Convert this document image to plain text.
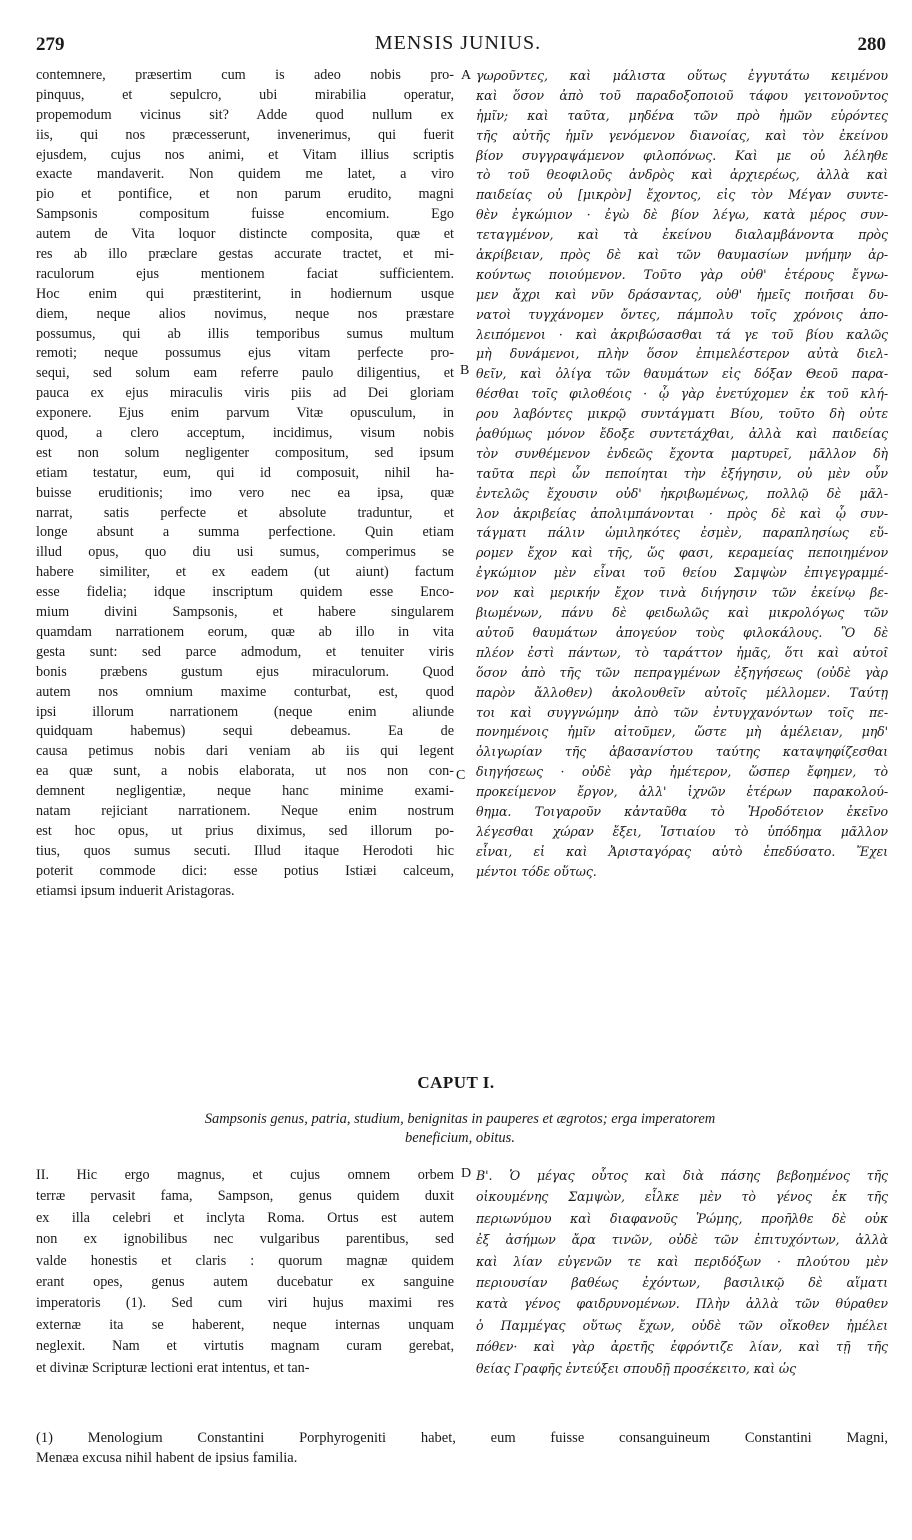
279	MENSIS JUNIUS.	280
contemnere, præsertim cum is adeo nobis pro-
pinquus, et sepulcro, ubi mirabilia operatur,
propemodum vicinus sit? Adde quod nullum ex
iis, qui nos præcesserunt, invenerimus, qui fuerit
ejusdem, cujus nos animi, et Vitam illius scriptis
exacte mandaverit. Non quidem me latet, a viro
pio et pontifice, et non parum erudito, magni
Sampsonis compositum fuisse encomium. Ego
autem de Vita loquor distincte composita, quæ et
res ab illo præclare gestas accurate tractet, et mi-
raculorum ejus mentionem faciat sufficientem.
Hoc enim qui præstiterint, in hodiernum usque
diem, neque alios novimus, neque nos præstare
possumus, qui ab illis temporibus sumus multum
remoti; neque possumus ejus vitam perfecte pro-
sequi, sed solum eam referre paulo diligentius, et
pauca ex ejus miraculis viris piis ad Dei gloriam
exponere. Ejus enim parvum Vitæ opusculum, in
quod, a clero acceptum, incidimus, visum nobis
est non solum negligenter compositum, sed ipsum
etiam testatur, eum, qui id composuit, nihil ha-
buisse eruditionis; imo vero nec ea ipsa, quæ
narrat, satis perfecte et absolute traduntur, et
longe absunt a summa perfectione. Quin etiam
illud opus, quo diu usi sumus, comperimus se
habere similiter, et ex eadem (ut aiunt) factum
esse fidelia; idque inscriptum quidem esse Enco-
mium divini Sampsonis, et habere singularem
quamdam narrationem eorum, quæ ab illo in vita
gesta sunt: sed parce admodum, et tenuiter viris
bonis præbens gustum ejus miraculorum. Quod
autem nos omnium maxime conturbat, est, quod
ipsi illorum narrationem (neque enim aliunde
quidquam habemus) sequi debeamus. Ea de
causa petimus nobis dari veniam ab iis qui legent
ea quæ sunt, a nobis elaborata, ut nos non con-
demnent negligentiæ, neque hanc minime exami-
natam rejiciant narrationem. Neque enim nostrum
est hoc opus, ut prius diximus, sed illorum po-
tius, quos sumus secuti. Illud itaque Herodoti hic
poterit commode dici: esse potius Istiæi calceum,
etiamsi ipsum induerit Aristagoras.
γωροῦντες, καὶ μάλιστα οὕτως ἐγγυτάτω κειμένου
καὶ ὅσον ἀπὸ τοῦ παραδοξοποιοῦ τάφου γειτονοῦντος
ἡμῖν; καὶ ταῦτα, μηδένα τῶν πρὸ ἡμῶν εὑρόντες
τῆς αὐτῆς ἡμῖν γενόμενον διανοίας, καὶ τὸν ἐκείνου
βίον συγγραψάμενον φιλοπόνως. Καὶ με οὐ λέληθε
τὸ τοῦ θεοφιλοῦς ἀνδρὸς καὶ ἀρχιερέως, ἀλλὰ καὶ
παιδείας οὐ [μικρὸν] ἔχοντος, εἰς τὸν Μέγαν συντε-
θὲν ἐγκώμιον · ἐγὼ δὲ βίον λέγω, κατὰ μέρος συν-
τεταγμένον, καὶ τὰ ἐκείνου διαλαμβάνοντα πρὸς
ἀκρίβειαν, πρὸς δὲ καὶ τῶν θαυμασίων μνήμην ἀρ-
κούντως ποιούμενον. Τοῦτο γὰρ οὐθ' ἑτέρους ἔγνω-
μεν ἄχρι καὶ νῦν δράσαντας, οὐθ' ἡμεῖς ποιῆσαι δυ-
νατοὶ τυγχάνομεν ὄντες, πάμπολυ τοῖς χρόνοις ἀπο-
λειπόμενοι · καὶ ἀκριβώσασθαι τά γε τοῦ βίου καλῶς
μὴ δυνάμενοι, πλὴν ὅσον ἐπιμελέστερον αὐτὰ διελ-
θεῖν, καὶ ὀλίγα τῶν θαυμάτων εἰς δόξαν Θεοῦ παρα-
θέσθαι τοῖς φιλοθέοις · ᾧ γὰρ ἐνετύχομεν ἐκ τοῦ κλή-
ρου λαβόντες μικρῷ συντάγματι Βίου, τοῦτο δὴ οὐτε
ῥαθύμως μόνον ἔδοξε συντετάχθαι, ἀλλὰ καὶ παιδείας
τὸν συνθέμενον ἐνδεῶς ἔχοντα μαρτυρεῖ, μᾶλλον δὴ
ταῦτα περὶ ὧν πεποίηται τὴν ἐξήγησιν, οὐ μὲν οὖν
ἐντελῶς ἔχουσιν οὐδ' ἠκριβωμένως, πολλῷ δὲ μᾶλ-
λον ἀκριβείας ἀπολιμπάνονται · πρὸς δὲ καὶ ᾧ συν-
τάγματι πάλιν ὡμιληκότες ἐσμὲν, παραπλησίως εὕ-
ρομεν ἔχον καὶ τῆς, ὥς φασι, κεραμείας πεποιημένον
ἐγκώμιον μὲν εἶναι τοῦ θείου Σαμψὼν ἐπιγεγραμμέ-
νον καὶ μερικήν ἔχον τινὰ διήγησιν τῶν ἐκείνῳ βε-
βιωμένων, πάνυ δὲ φειδωλῶς καὶ μικρολόγως τῶν
αὐτοῦ θαυμάτων ἀπογεύον τοὺς φιλοκάλους. Ὃ δὲ
πλέον ἐστὶ πάντων, τὸ ταράττον ἡμᾶς, ὅτι καὶ αὐτοῖ
ὅσον ἀπὸ τῆς τῶν πεπραγμένων ἐξηγήσεως (οὐδὲ γὰρ
παρὸν ἄλλοθεν) ἀκολουθεῖν αὐτοῖς μέλλομεν. Ταύτῃ
τοι καὶ συγγνώμην ἀπὸ τῶν ἐντυγχανόντων τοῖς πε-
πονημένοις ἡμῖν αἰτοῦμεν, ὥστε μὴ ἀμέλειαν, μηδ'
ὀλιγωρίαν τῆς ἀβασανίστου ταύτης καταψηφίζεσθαι
διηγήσεως · οὐδὲ γὰρ ἡμέτερον, ὥσπερ ἔφημεν, τὸ
προκείμενον ἔργον, ἀλλ' ἰχνῶν ἑτέρων παρακολού-
θημα. Τοιγαροῦν κἀνταῦθα τὸ Ἡροδότειον ἐκεῖνο
λέγεσθαι χώραν ἔξει, Ἱστιαίου τὸ ὑπόδημα μᾶλλον
εἶναι, εἰ καὶ Ἀρισταγόρας αὐτὸ ἐπεδύσατο. Ἔχει
μέντοι τόδε οὕτως.
A
B
C
D
CAPUT I.
Sampsonis genus, patria, studium, benignitas in pauperes et ægrotos; erga imperatorem
beneficium, obitus.
II. Hic ergo magnus, et cujus omnem orbem
terræ pervasit fama, Sampson, genus quidem duxit
ex illa celebri et inclyta Roma. Ortus est autem
non ex ignobilibus nec vulgaribus parentibus, sed
valde honestis et claris : quorum magnæ quidem
erant opes, genus autem ducebatur ex sanguine
imperatoris (1). Sed cum viri hujus maximi res
externæ ita se haberent, neque internas unquam
neglexit. Nam et virtutis magnam curam gerebat,
et divinæ Scripturæ lectioni erat intentus, et tan-
Β'. Ὁ μέγας οὗτος καὶ διὰ πάσης βεβοημένος τῆς
οἰκουμένης Σαμψὼν, εἷλκε μὲν τὸ γένος ἐκ τῆς
περιωνύμου καὶ διαφανοῦς Ῥώμης, προῆλθε δὲ οὐκ
ἐξ ἀσήμων ἄρα τινῶν, οὐδὲ τῶν ἐπιτυχόντων, ἀλλὰ
καὶ λίαν εὐγενῶν τε καὶ περιδόξων · πλούτου μὲν
περιουσίαν βαθέως ἐχόντων, βασιλικῷ δὲ αἵματι
κατὰ γένος φαιδρυνομένων. Πλὴν ἀλλὰ τῶν θύραθεν
ὁ Παμμέγας οὕτως ἔχων, οὐδὲ τῶν οἴκοθεν ἠμέλει
πόθεν· καὶ γὰρ ἀρετῆς ἐφρόντιζε λίαν, καὶ τῇ τῆς
θείας Γραφῆς ἐντεύξει σπουδῇ προσέκειτο, καὶ ὡς
(1) Menologium Constantini Porphyrogeniti habet, eum fuisse consanguineum Constantini Magni,
Menæa excusa nihil habent de ipsius familia.
